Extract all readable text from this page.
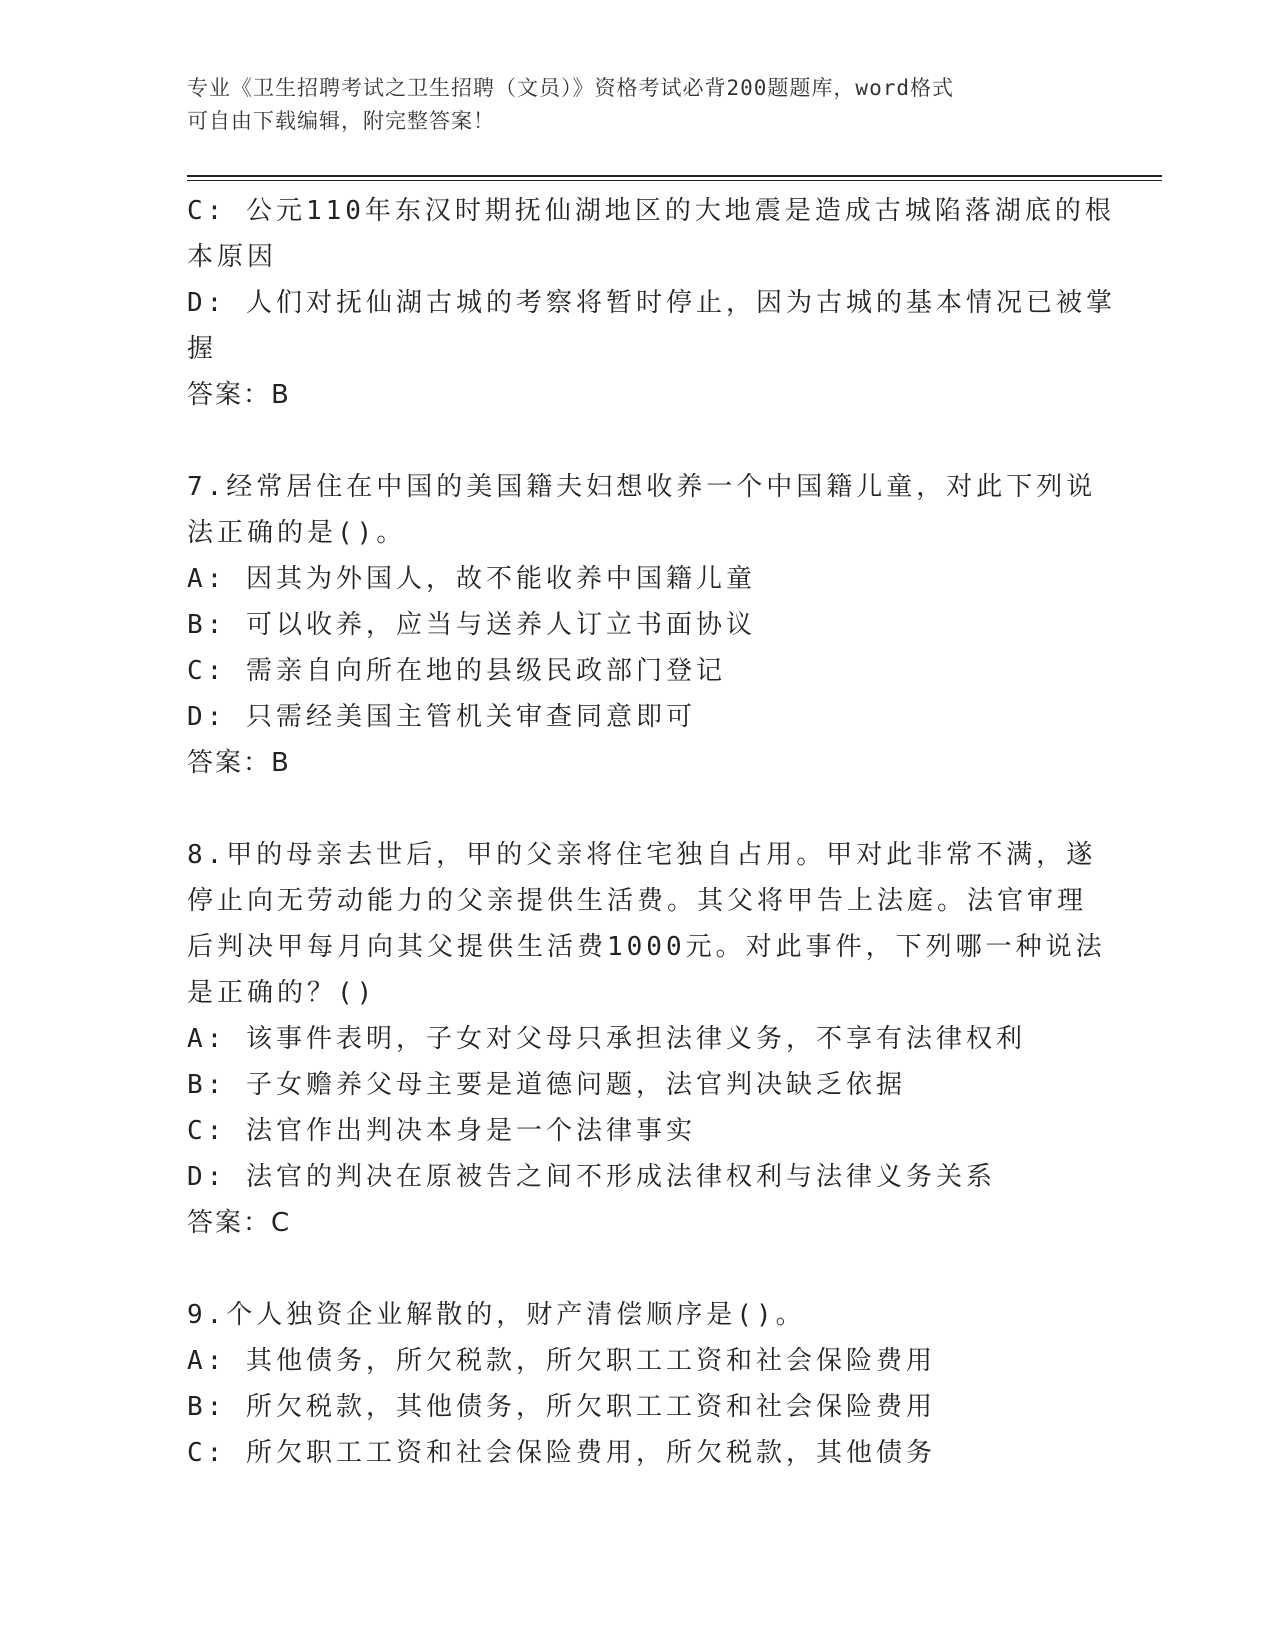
专业《卫生招聘考试之卫生招聘（文员）》资格考试必背200题题库，word格式
可自由下载编辑，附完整答案！
C: 公元110年东汉时期抚仙湖地区的大地震是造成古城陷落湖底的根
本原因
D: 人们对抚仙湖古城的考察将暂时停止，因为古城的基本情况已被掌
握
答案：B
7.经常居住在中国的美国籍夫妇想收养一个中国籍儿童，对此下列说
法正确的是()。
A: 因其为外国人，故不能收养中国籍儿童
B: 可以收养，应当与送养人订立书面协议
C: 需亲自向所在地的县级民政部门登记
D: 只需经美国主管机关审查同意即可
答案：B
8.甲的母亲去世后，甲的父亲将住宅独自占用。甲对此非常不满，遂
停止向无劳动能力的父亲提供生活费。其父将甲告上法庭。法官审理
后判决甲每月向其父提供生活费1000元。对此事件，下列哪一种说法
是正确的？()
A: 该事件表明，子女对父母只承担法律义务，不享有法律权利
B: 子女赡养父母主要是道德问题，法官判决缺乏依据
C: 法官作出判决本身是一个法律事实
D: 法官的判决在原被告之间不形成法律权利与法律义务关系
答案：C
9.个人独资企业解散的，财产清偿顺序是()。
A: 其他债务，所欠税款，所欠职工工资和社会保险费用
B: 所欠税款，其他债务，所欠职工工资和社会保险费用
C: 所欠职工工资和社会保险费用，所欠税款，其他债务
